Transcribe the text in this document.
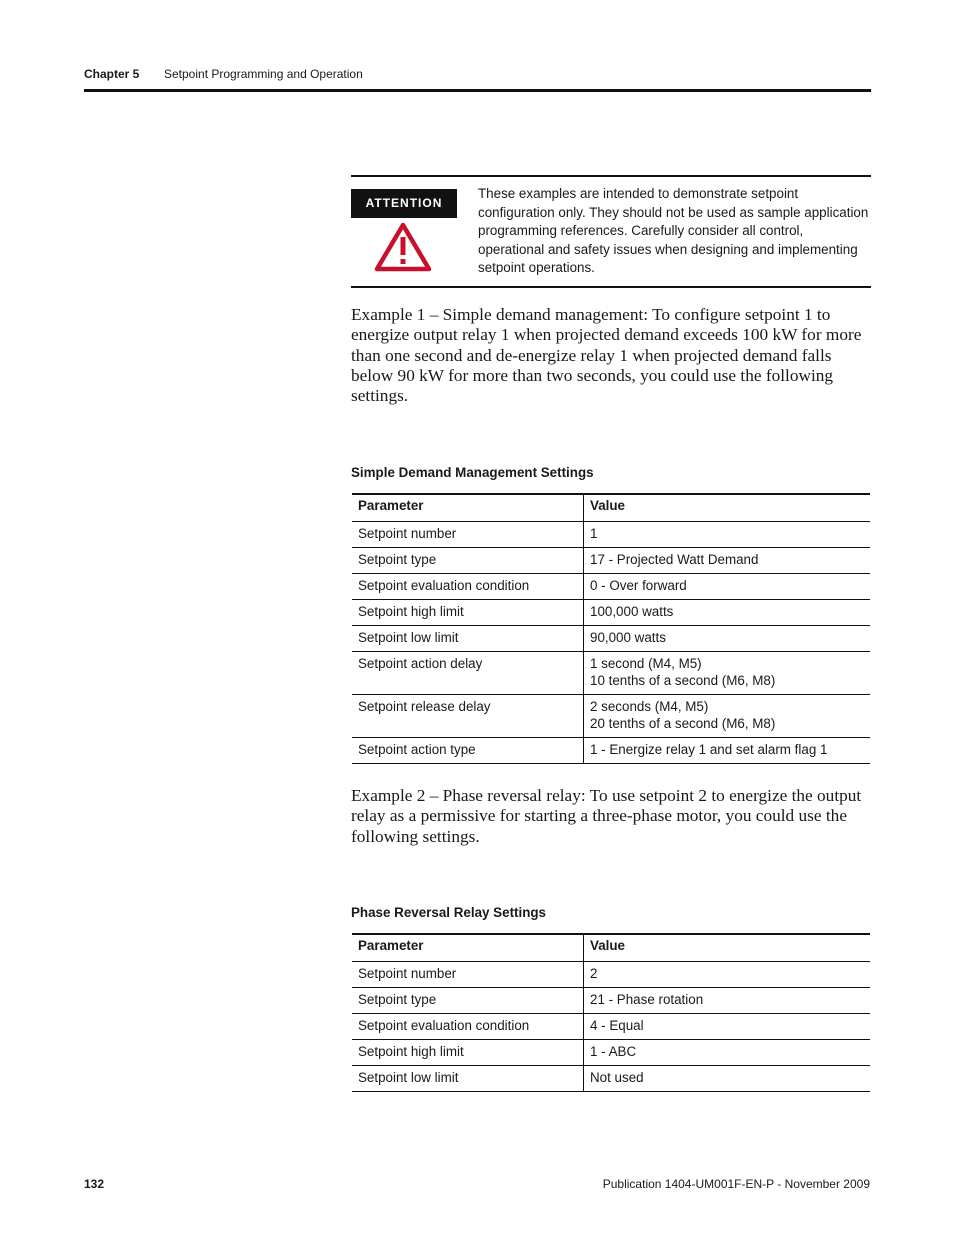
Chapter 5 Setpoint Programming and Operation
ATTENTION
These examples are intended to demonstrate setpoint configuration only. They should not be used as sample application programming references. Carefully consider all control, operational and safety issues when designing and implementing setpoint operations.
Example 1 – Simple demand management: To configure setpoint 1 to energize output relay 1 when projected demand exceeds 100 kW for more than one second and de-energize relay 1 when projected demand falls below 90 kW for more than two seconds, you could use the following settings.
Simple Demand Management Settings
Parameter	Value
Setpoint number	1
Setpoint type	17 - Projected Watt Demand
Setpoint evaluation condition	0 - Over forward
Setpoint high limit	100,000 watts
Setpoint low limit	90,000 watts
Setpoint action delay	1 second (M4, M5)
10 tenths of a second (M6, M8)

Setpoint release delay	2 seconds (M4, M5)
20 tenths of a second (M6, M8)

Setpoint action type	1 - Energize relay 1 and set alarm flag 1
Example 2 – Phase reversal relay: To use setpoint 2 to energize the output relay as a permissive for starting a three-phase motor, you could use the following settings.
Phase Reversal Relay Settings
Parameter	Value
Setpoint number	2
Setpoint type	21 - Phase rotation
Setpoint evaluation condition	4 - Equal
Setpoint high limit	1 - ABC
Setpoint low limit	Not used
132	Publication 1404-UM001F-EN-P - November 2009
